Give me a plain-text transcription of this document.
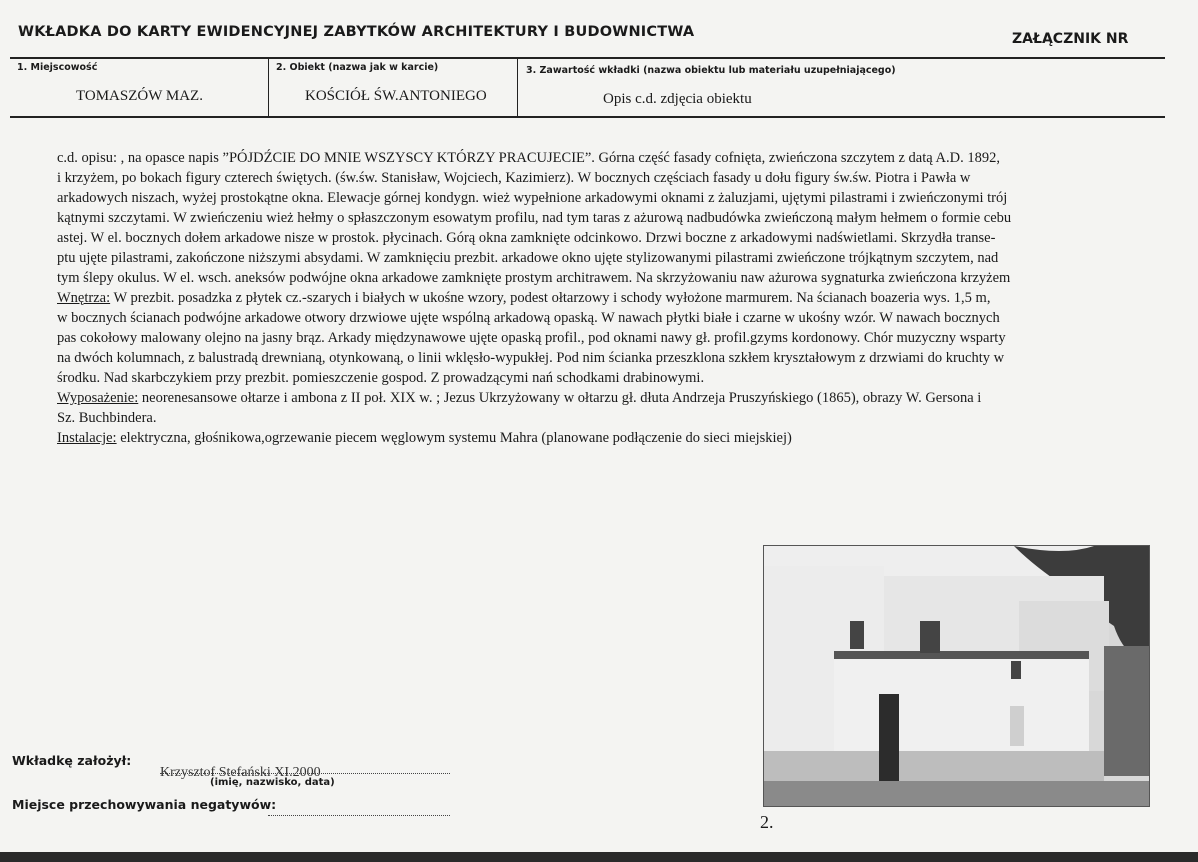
WKŁADKA DO KARTY EWIDENCYJNEJ ZABYTKÓW ARCHITEKTURY I BUDOWNICTWA	ZAŁĄCZNIK NR
1. Miejscowość
TOMASZÓW MAZ.
2. Obiekt (nazwa jak w karcie)
KOŚCIÓŁ ŚW.ANTONIEGO
3. Zawartość wkładki (nazwa obiektu lub materiału uzupełniającego)
Opis c.d. zdjęcia obiektu

c.d. opisu: , na opasce napis ”PÓJDŹCIE DO MNIE WSZYSCY KTÓRZY PRACUJECIE”. Górna część fasady cofnięta, zwieńczona szczytem z datą A.D. 1892,

i krzyżem, po bokach figury czterech świętych. (św.św. Stanisław, Wojciech, Kazimierz). W bocznych częściach fasady u dołu figury św.św. Piotra i Pawła w

arkadowych niszach, wyżej prostokątne okna. Elewacje górnej kondygn. wież wypełnione arkadowymi oknami z żaluzjami, ujętymi pilastrami i zwieńczonymi trój

kątnymi szczytami. W zwieńczeniu wież hełmy o spłaszczonym esowatym profilu, nad tym taras z ażurową nadbudówka zwieńczoną małym hełmem o formie cebu

astej. W el. bocznych dołem arkadowe nisze w prostok. płycinach. Górą okna zamknięte odcinkowo. Drzwi boczne z arkadowymi nadświetlami. Skrzydła transe-

ptu ujęte pilastrami, zakończone niższymi absydami. W zamknięciu prezbit. arkadowe okno ujęte stylizowanymi pilastrami zwieńczone trójkątnym szczytem, nad

tym ślepy okulus. W el. wsch. aneksów podwójne okna arkadowe zamknięte prostym architrawem. Na skrzyżowaniu naw ażurowa sygnaturka zwieńczona krzyżem

Wnętrza: W prezbit. posadzka z płytek cz.-szarych i białych w ukośne wzory, podest ołtarzowy i schody wyłożone marmurem. Na ścianach boazeria wys. 1,5 m,

w bocznych ścianach podwójne arkadowe otwory drzwiowe ujęte wspólną arkadową opaską. W nawach płytki białe i czarne w ukośny wzór. W nawach bocznych

pas cokołowy malowany olejno na jasny brąz. Arkady międzynawowe ujęte opaską profil., pod oknami nawy gł. profil.gzyms kordonowy. Chór muzyczny wsparty

na dwóch kolumnach, z balustradą drewnianą, otynkowaną, o linii wklęsło-wypukłej. Pod nim ścianka przeszklona szkłem kryształowym z drzwiami do kruchty w

środku. Nad skarbczykiem przy prezbit. pomieszczenie gospod. Z prowadzącymi nań schodkami drabinowymi.

Wyposażenie: neorenesansowe ołtarze i ambona z II poł. XIX w. ; Jezus Ukrzyżowany w ołtarzu gł. dłuta Andrzeja Pruszyńskiego (1865), obrazy W. Gersona i

Sz. Buchbindera.

Instalacje: elektryczna, głośnikowa,ogrzewanie piecem węglowym systemu Mahra (planowane podłączenie do sieci miejskiej)

Wkładkę założył:
Krzysztof Stefański XI.2000
(imię, nazwisko, data)
Miejsce przechowywania negatywów:
2.
